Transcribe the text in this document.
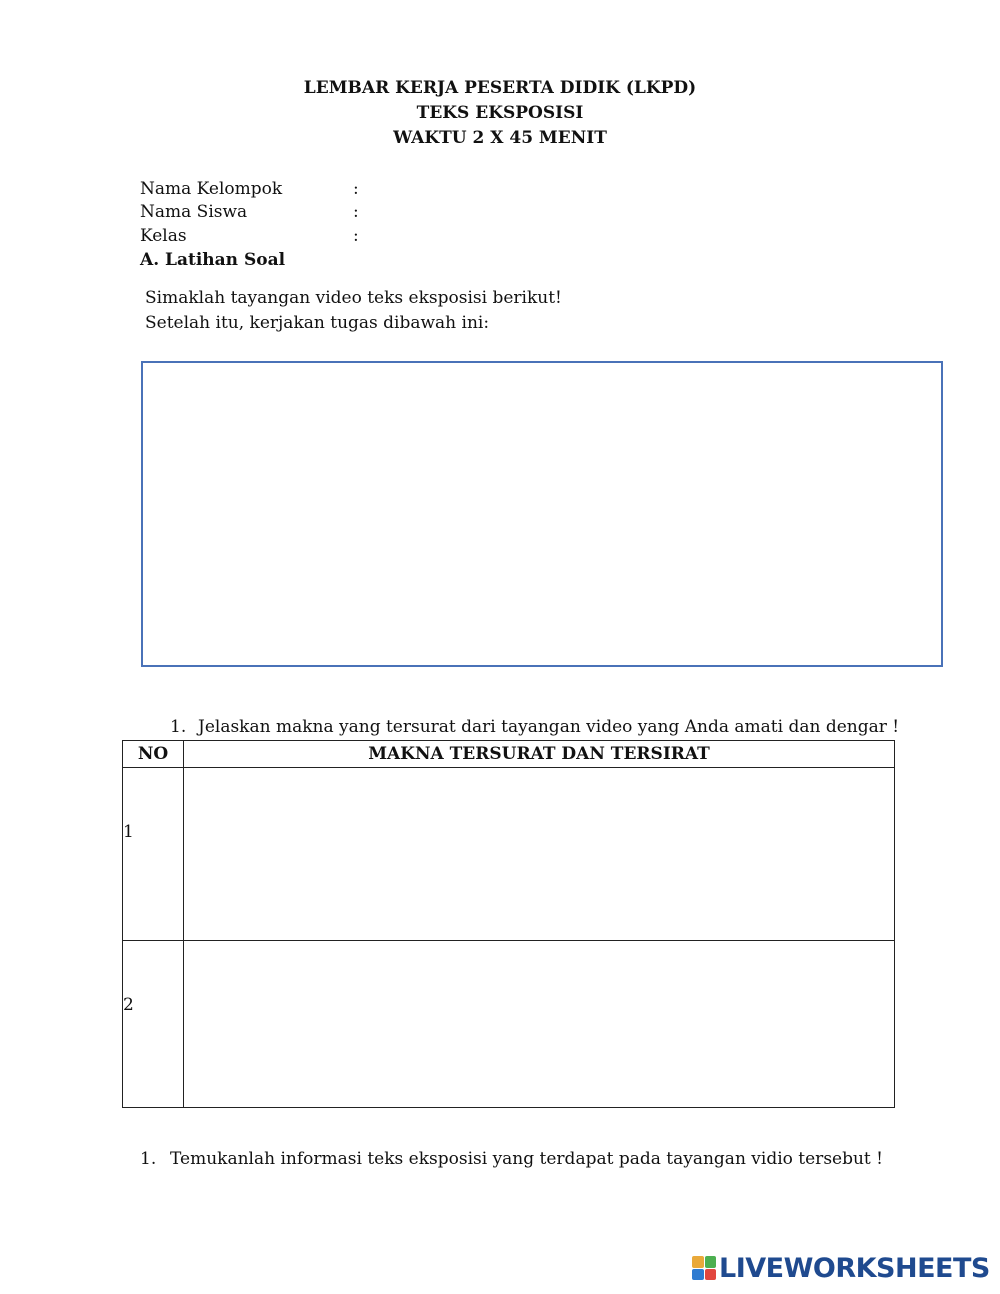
LEMBAR KERJA PESERTA DIDIK (LKPD)
TEKS EKSPOSISI
WAKTU 2 X 45 MENIT
Nama Kelompok	:
Nama Siswa	:
Kelas	:
A. Latihan Soal
Simaklah tayangan video teks eksposisi berikut!
Setelah itu, kerjakan tugas dibawah ini:
1. Jelaskan makna yang tersurat dari tayangan video yang Anda amati dan dengar !
NO	MAKNA TERSURAT DAN TERSIRAT

1	

2	

1. Temukanlah informasi teks eksposisi yang terdapat pada tayangan vidio tersebut !
LIVEWORKSHEETS
